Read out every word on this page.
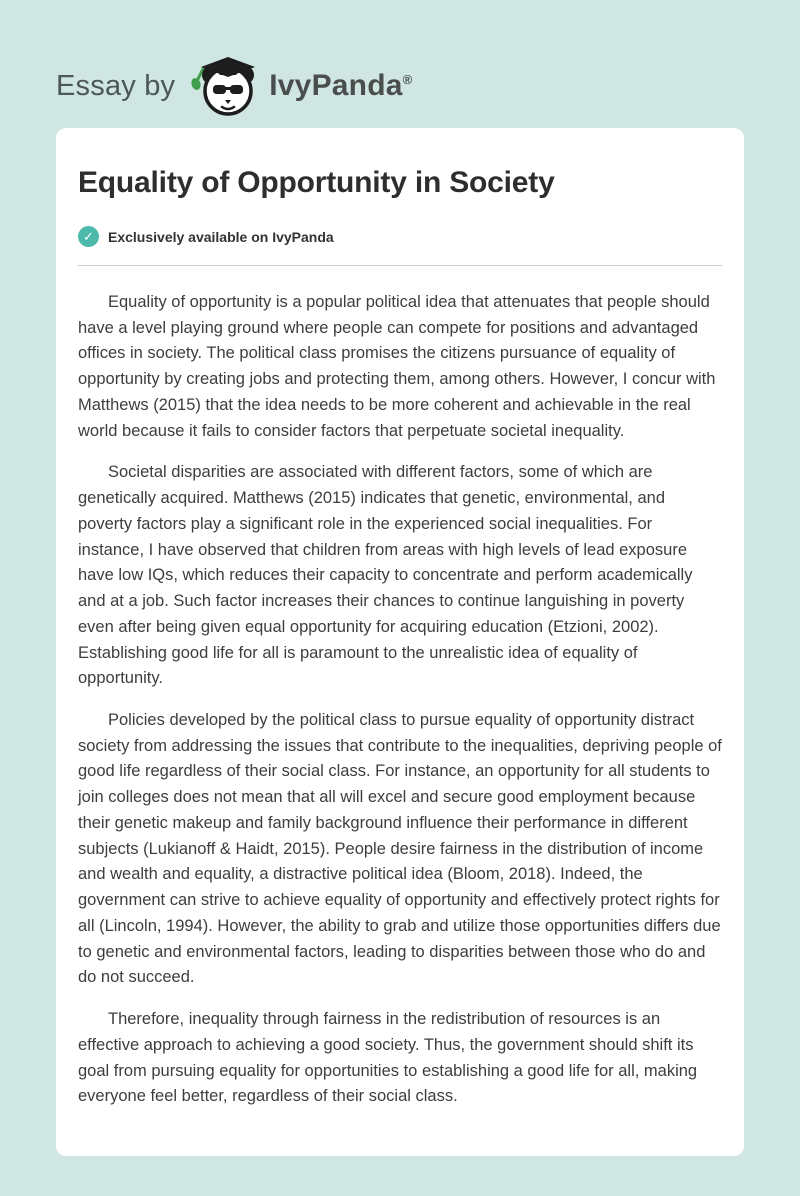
Essay by	IvyPanda®
Equality of Opportunity in Society
✓	Exclusively available on IvyPanda

Equality of opportunity is a popular political idea that attenuates that people should have a level playing ground where people can compete for positions and advantaged offices in society. The political class promises the citizens pursuance of equality of opportunity by creating jobs and protecting them, among others. However, I concur with Matthews (2015) that the idea needs to be more coherent and achievable in the real world because it fails to consider factors that perpetuate societal inequality.

Societal disparities are associated with different factors, some of which are genetically acquired. Matthews (2015) indicates that genetic, environmental, and poverty factors play a significant role in the experienced social inequalities. For instance, I have observed that children from areas with high levels of lead exposure have low IQs, which reduces their capacity to concentrate and perform academically and at a job. Such factor increases their chances to continue languishing in poverty even after being given equal opportunity for acquiring education (Etzioni, 2002). Establishing good life for all is paramount to the unrealistic idea of equality of opportunity.

Policies developed by the political class to pursue equality of opportunity distract society from addressing the issues that contribute to the inequalities, depriving people of good life regardless of their social class. For instance, an opportunity for all students to join colleges does not mean that all will excel and secure good employment because their genetic makeup and family background influence their performance in different subjects (Lukianoff & Haidt, 2015). People desire fairness in the distribution of income and wealth and equality, a distractive political idea (Bloom, 2018). Indeed, the government can strive to achieve equality of opportunity and effectively protect rights for all (Lincoln, 1994). However, the ability to grab and utilize those opportunities differs due to genetic and environmental factors, leading to disparities between those who do and do not succeed.

Therefore, inequality through fairness in the redistribution of resources is an effective approach to achieving a good society. Thus, the government should shift its goal from pursuing equality for opportunities to establishing a good life for all, making everyone feel better, regardless of their social class.
